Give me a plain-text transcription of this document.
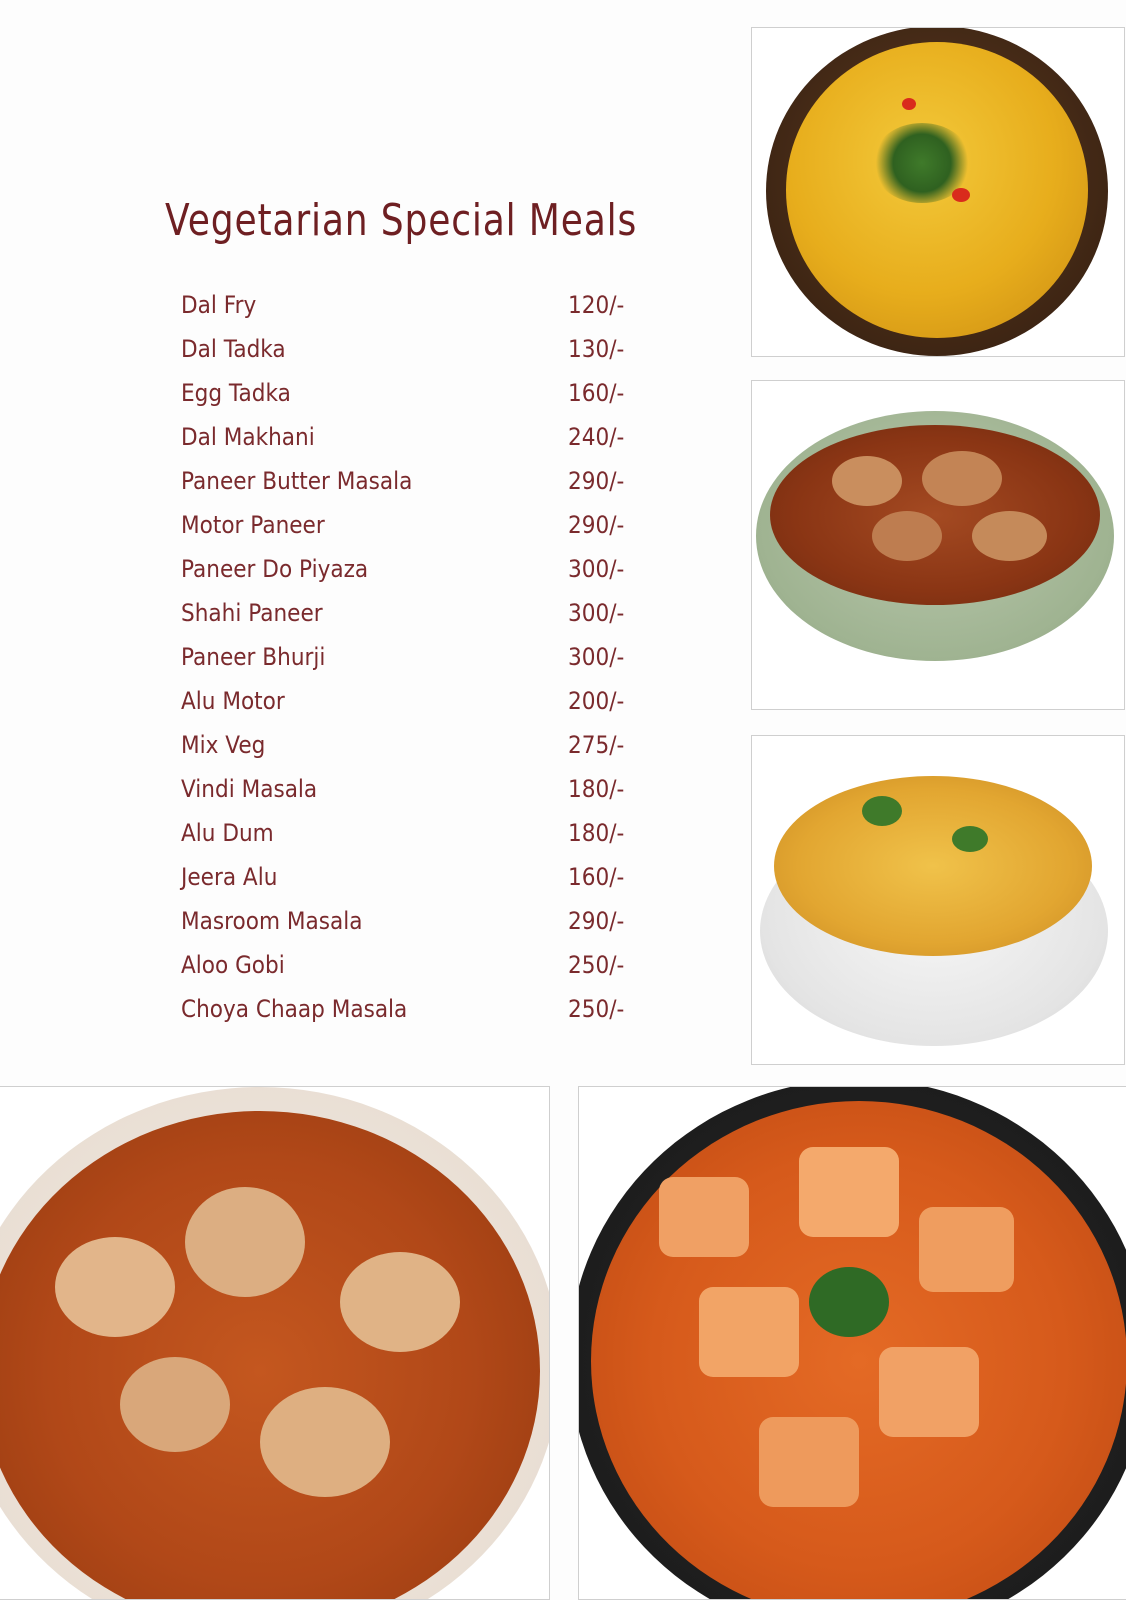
Vegetarian Special Meals
Dal Fry	120/-
Dal Tadka	130/-
Egg Tadka	160/-
Dal Makhani	240/-
Paneer Butter Masala	290/-
Motor Paneer	290/-
Paneer Do Piyaza	300/-
Shahi Paneer	300/-
Paneer Bhurji	300/-
Alu Motor	200/-
Mix Veg	275/-
Vindi Masala	180/-
Alu Dum	180/-
Jeera Alu	160/-
Masroom Masala	290/-
Aloo Gobi	250/-
Choya Chaap Masala	250/-
